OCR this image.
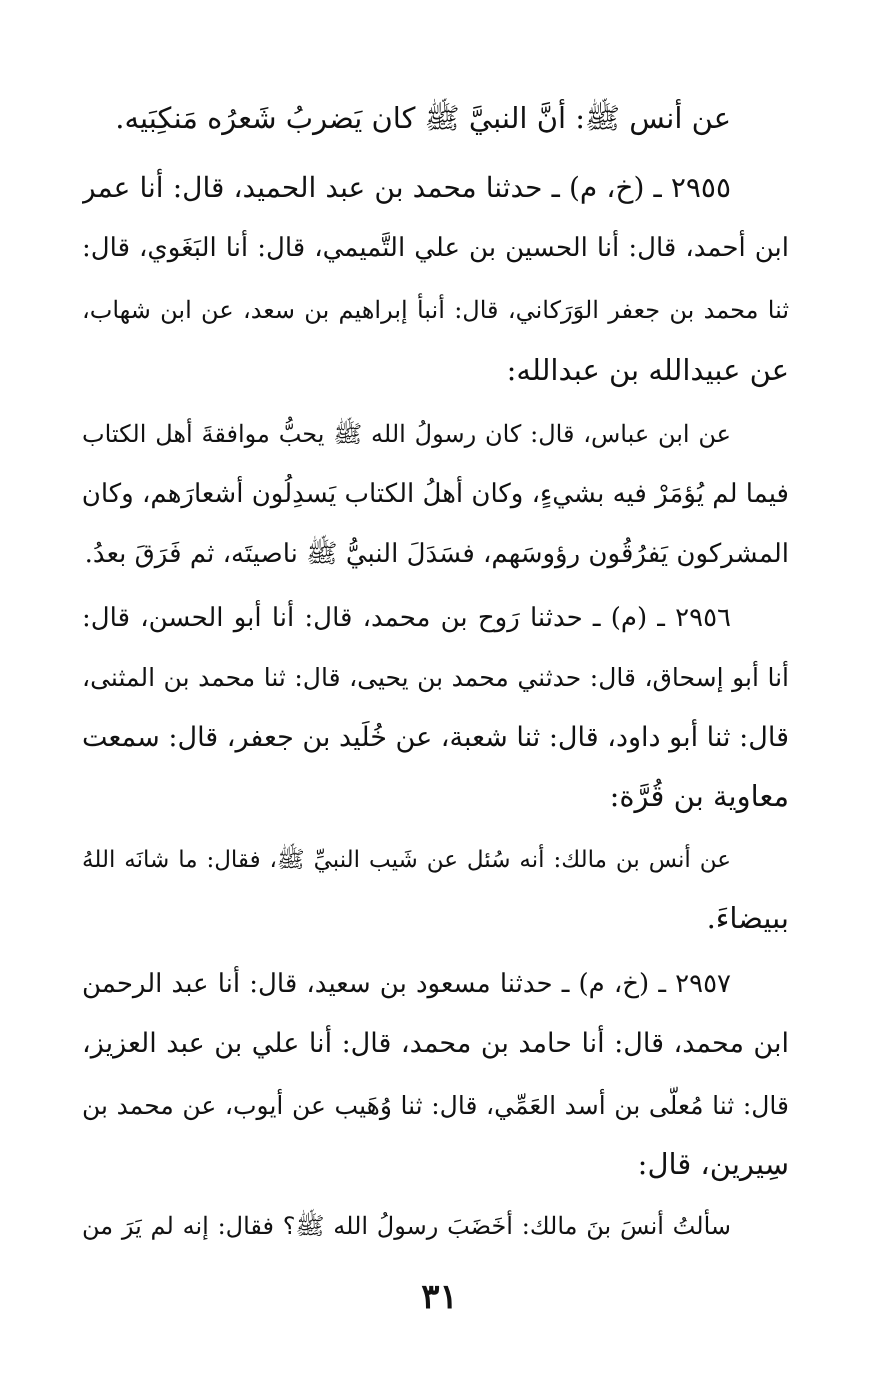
عن أنس ﷺ: أنَّ النبيَّ ﷺ كان يَضربُ شَعرُه مَنكِبَيه.
٢٩٥٥ ـ (خ، م) ـ حدثنا محمد بن عبد الحميد، قال: أنا عمر
ابن أحمد، قال: أنا الحسين بن علي التَّميمي، قال: أنا البَغَوي، قال:
ثنا محمد بن جعفر الوَرَكاني، قال: أنبأ إبراهيم بن سعد، عن ابن شهاب،
عن عبيدالله بن عبدالله:
عن ابن عباس، قال: كان رسولُ الله ﷺ يحبُّ موافقةَ أهل الكتاب
فيما لم يُؤمَرْ فيه بشيءٍ، وكان أهلُ الكتاب يَسدِلُون أشعارَهم، وكان
المشركون يَفرُقُون رؤوسَهم، فسَدَلَ النبيُّ ﷺ ناصيتَه، ثم فَرَقَ بعدُ.
٢٩٥٦ ـ (م) ـ حدثنا رَوح بن محمد، قال: أنا أبو الحسن، قال:
أنا أبو إسحاق، قال: حدثني محمد بن يحيى، قال: ثنا محمد بن المثنى،
قال: ثنا أبو داود، قال: ثنا شعبة، عن خُلَيد بن جعفر، قال: سمعت
معاوية بن قُرَّة:
عن أنس بن مالك: أنه سُئل عن شَيب النبيِّ ﷺ، فقال: ما شانَه اللهُ
ببيضاءَ.
٢٩٥٧ ـ (خ، م) ـ حدثنا مسعود بن سعيد، قال: أنا عبد الرحمن
ابن محمد، قال: أنا حامد بن محمد، قال: أنا علي بن عبد العزيز،
قال: ثنا مُعلَّى بن أسد العَمِّي، قال: ثنا وُهَيب عن أيوب، عن محمد بن
سِيرين، قال:
سألتُ أنسَ بنَ مالك: أخَضَبَ رسولُ الله ﷺ؟ فقال: إنه لم يَرَ من
٣١
